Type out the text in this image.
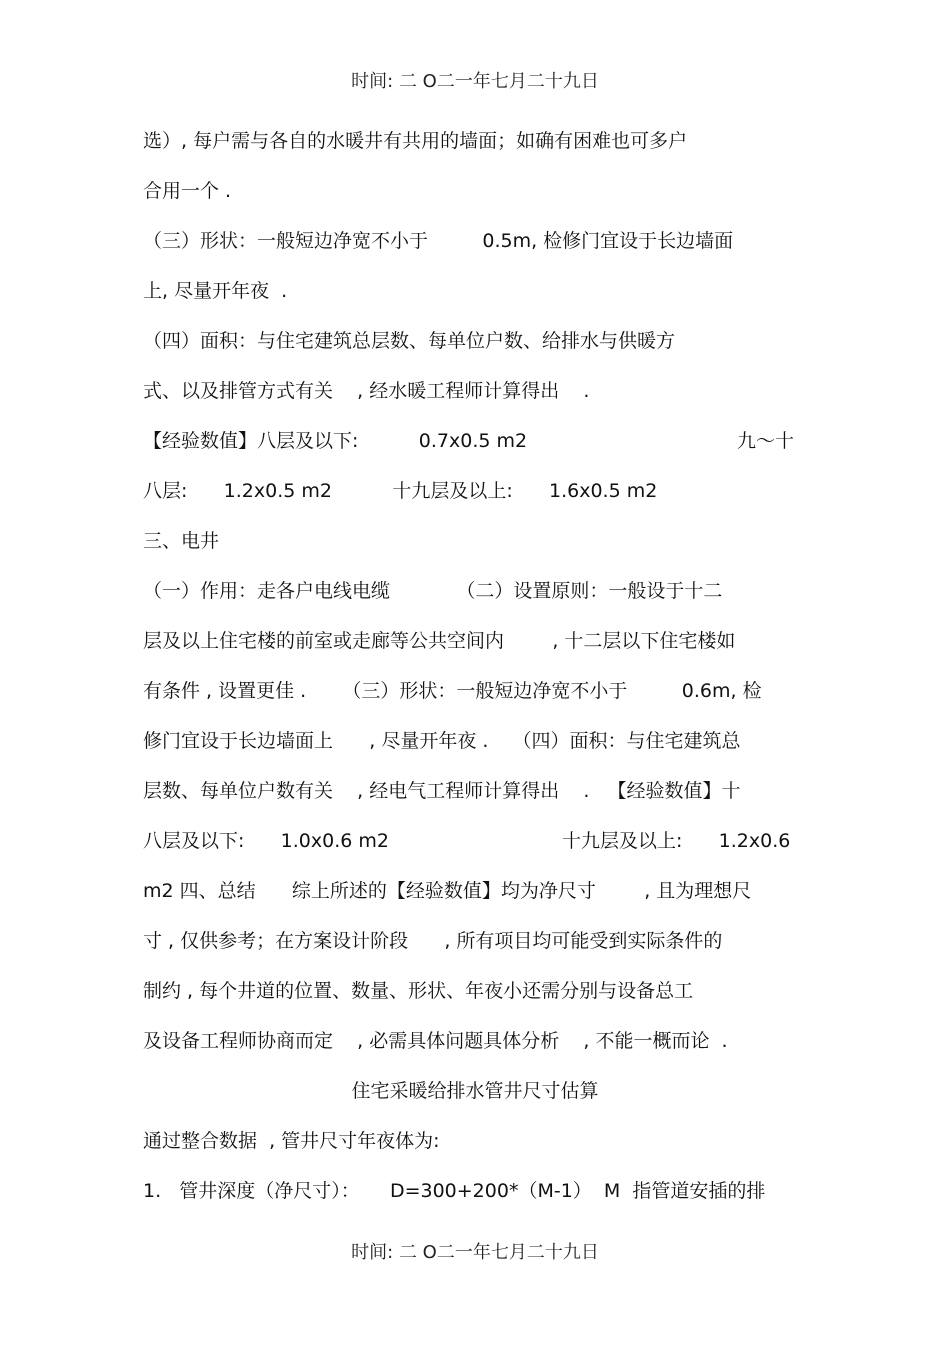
时间: 二 O二一年七月二十九日
选）, 每户需与各自的水暖井有共用的墙面；如确有困难也可多户
合用一个 .
（三）形状：一般短边净宽不小于         0.5m, 检修门宜设于长边墙面
上, 尽量开年夜  .
（四）面积：与住宅建筑总层数、每单位户数、给排水与供暖方
式、以及排管方式有关    , 经水暖工程师计算得出    .
【经验数值】八层及以下:          0.7x0.5 m2	九～十
八层:      1.2x0.5 m2          十九层及以上:      1.6x0.5 m2
三、电井
（一）作用：走各户电线电缆           （二）设置原则：一般设于十二
层及以上住宅楼的前室或走廊等公共空间内        , 十二层以下住宅楼如
有条件 , 设置更佳 .      （三）形状：一般短边净宽不小于         0.6m, 检
修门宜设于长边墙面上      , 尽量开年夜 .    （四）面积：与住宅建筑总
层数、每单位户数有关    , 经电气工程师计算得出    .   【经验数值】十
八层及以下:      1.0x0.6 m2	十九层及以上:      1.2x0.6
m2 四、总结      综上所述的【经验数值】均为净尺寸        , 且为理想尺
寸 , 仅供参考；在方案设计阶段      , 所有项目均可能受到实际条件的
制约 , 每个井道的位置、数量、形状、年夜小还需分别与设备总工
及设备工程师协商而定    , 必需具体问题具体分析    , 不能一概而论  .
住宅采暖给排水管井尺寸估算
通过整合数据  , 管井尺寸年夜体为:
1.   管井深度（净尺寸）：     D=300+200*（M-1）  M  指管道安插的排
时间: 二 O二一年七月二十九日
